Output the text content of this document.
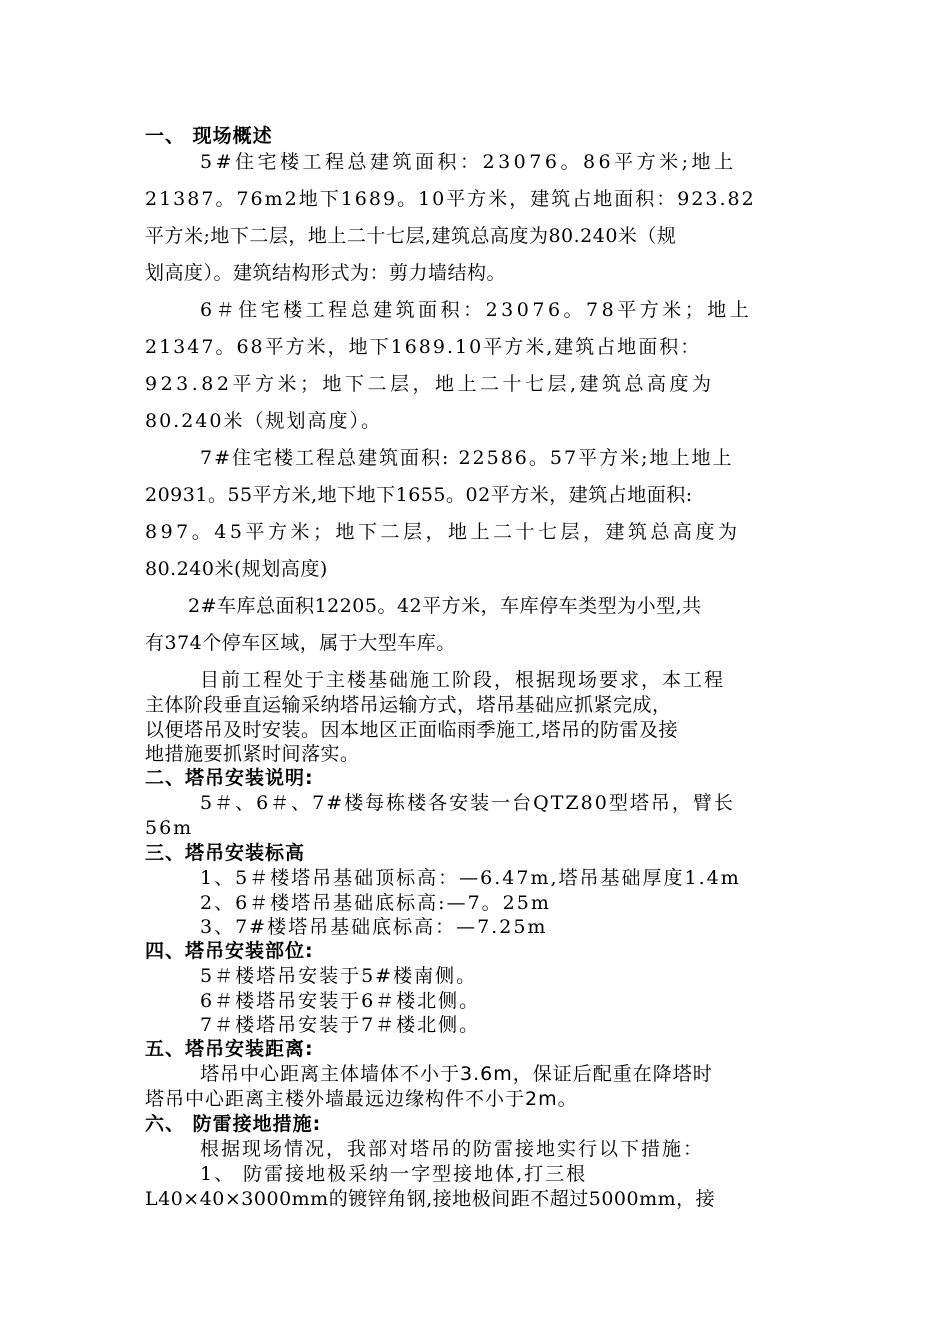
一、 现场概述
5#住宅楼工程总建筑面积：23076。86平方米;地上
21387。76m2地下1689。10平方米，建筑占地面积：923.82
平方米;地下二层，地上二十七层,建筑总高度为80.240米（规
划高度）。建筑结构形式为：剪力墙结构。
6＃住宅楼工程总建筑面积：23076。78平方米；地上
21347。68平方米，地下1689.10平方米,建筑占地面积：
923.82平方米；地下二层，地上二十七层,建筑总高度为
80.240米（规划高度）。
7#住宅楼工程总建筑面积: 22586。57平方米;地上地上
20931。55平方米,地下地下1655。02平方米，建筑占地面积:
897。45平方米；地下二层，地上二十七层，建筑总高度为
80.240米(规划高度)
2#车库总面积12205。42平方米，车库停车类型为小型,共
有374个停车区域，属于大型车库。
目前工程处于主楼基础施工阶段，根据现场要求，本工程
主体阶段垂直运输采纳塔吊运输方式，塔吊基础应抓紧完成，
以便塔吊及时安装。因本地区正面临雨季施工,塔吊的防雷及接
地措施要抓紧时间落实。
二、塔吊安装说明:
5＃、6＃、7#楼每栋楼各安装一台QTZ80型塔吊，臂长
56m
三、塔吊安装标高
1、5＃楼塔吊基础顶标高：—6.47m,塔吊基础厚度1.4m
2、6＃楼塔吊基础底标高:—7。25m
3、7#楼塔吊基础底标高：—7.25m
四、塔吊安装部位:
5＃楼塔吊安装于5#楼南侧。
6＃楼塔吊安装于6＃楼北侧。
7＃楼塔吊安装于7＃楼北侧。
五、塔吊安装距离:
塔吊中心距离主体墙体不小于3.6m，保证后配重在降塔时
塔吊中心距离主楼外墙最远边缘构件不小于2m。
六、 防雷接地措施:
根据现场情况，我部对塔吊的防雷接地实行以下措施：
1、 防雷接地极采纳一字型接地体,打三根
L40×40×3000mm的镀锌角钢,接地极间距不超过5000mm，接
